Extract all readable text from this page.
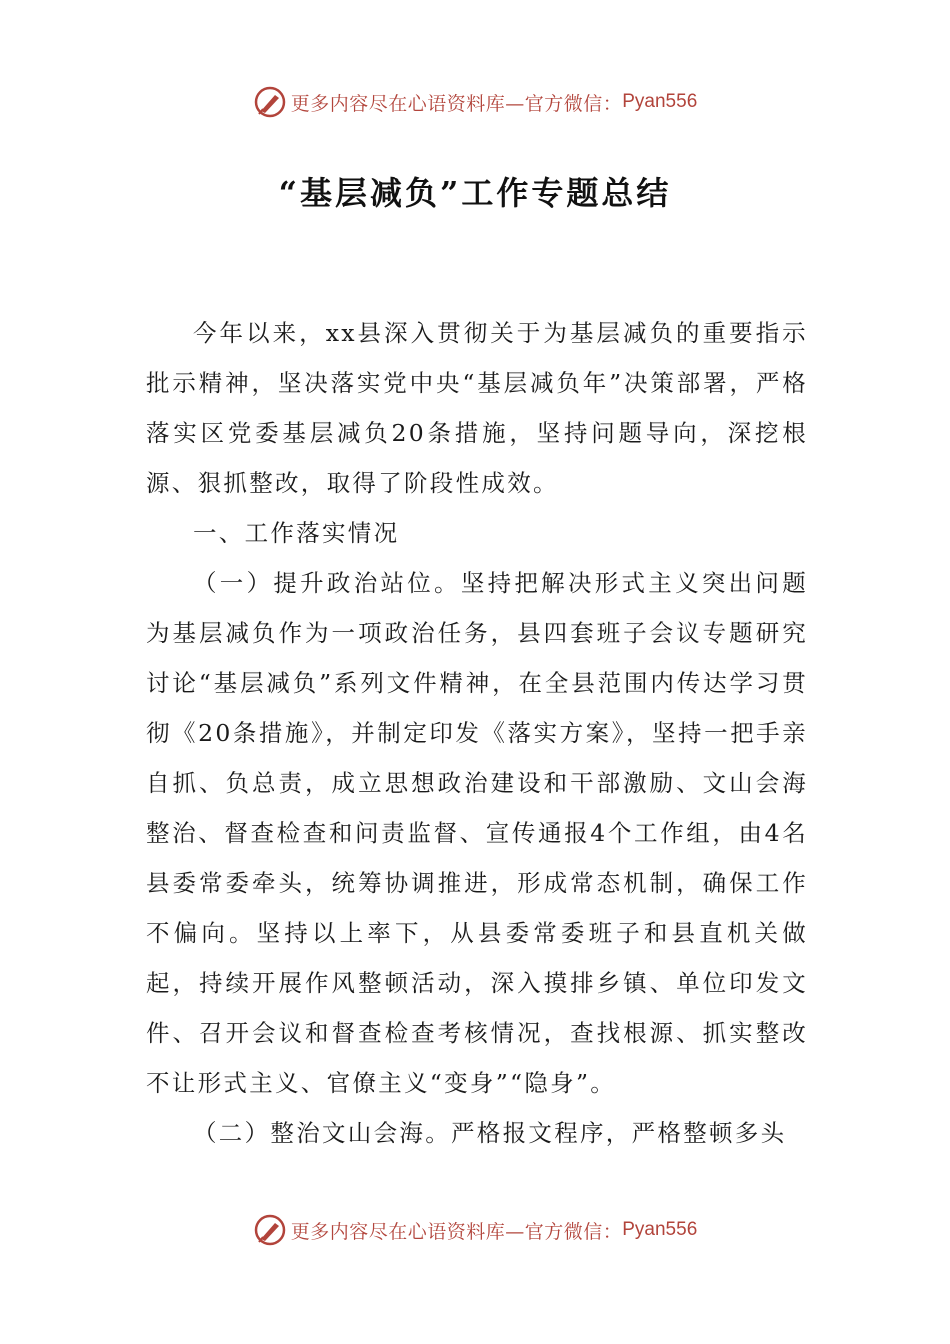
更多内容尽在心语资料库—官方微信： Pyan556
“基层减负”工作专题总结

今年以来，xx县深入贯彻关于为基层减负的重要指示批示精神，坚决落实党中央“基层减负年”决策部署，严格落实区党委基层减负20条措施，坚持问题导向，深挖根源、狠抓整改，取得了阶段性成效。

一、工作落实情况

（一）提升政治站位。坚持把解决形式主义突出问题为基层减负作为一项政治任务，县四套班子会议专题研究讨论“基层减负”系列文件精神，在全县范围内传达学习贯彻《20条措施》，并制定印发《落实方案》，坚持一把手亲自抓、负总责，成立思想政治建设和干部激励、文山会海整治、督查检查和问责监督、宣传通报4个工作组，由4名县委常委牵头，统筹协调推进，形成常态机制，确保工作不偏向。坚持以上率下，从县委常委班子和县直机关做起，持续开展作风整顿活动，深入摸排乡镇、单位印发文件、召开会议和督查检查考核情况，查找根源、抓实整改不让形式主义、官僚主义“变身”“隐身”。

（二）整治文山会海。严格报文程序，严格整顿多头

更多内容尽在心语资料库—官方微信： Pyan556
